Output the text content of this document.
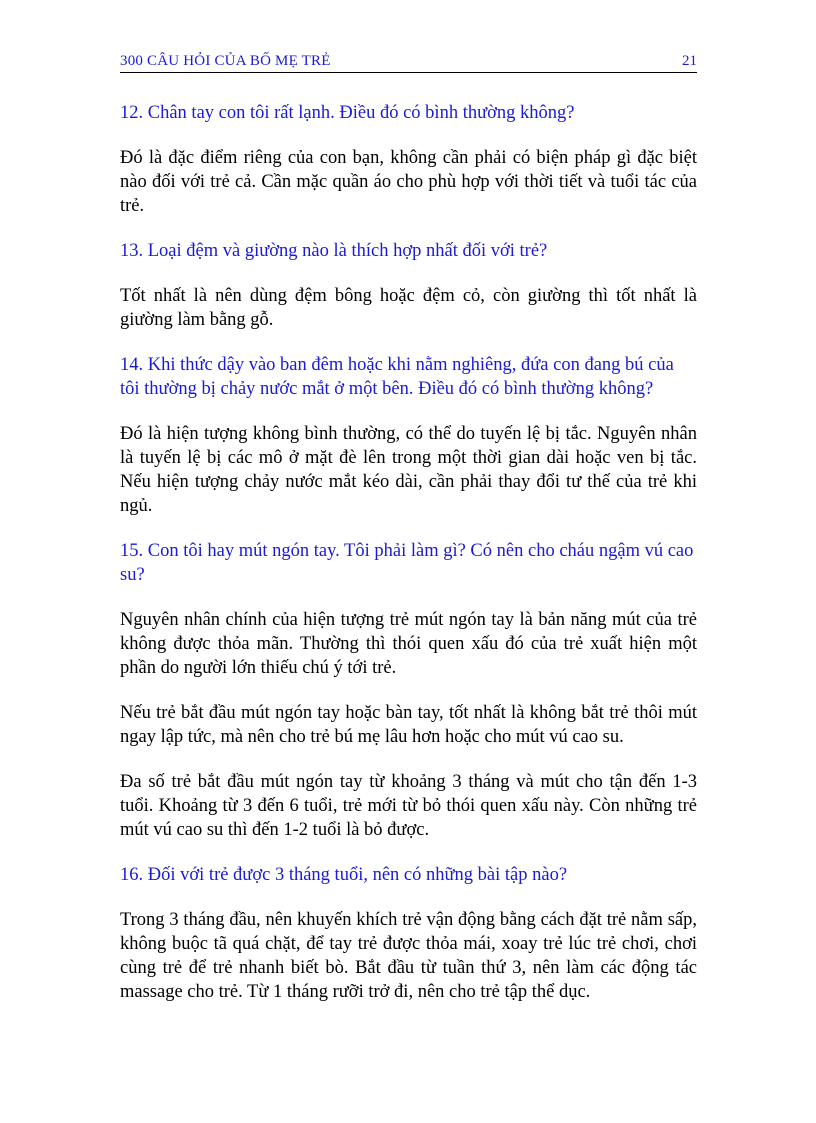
300 CÂU HỎI CỦA BỐ MẸ TRẺ	21
12. Chân tay con tôi rất lạnh. Điều đó có bình thường không?
Đó là đặc điểm riêng của con bạn, không cần phải có biện pháp gì đặc biệt nào đối với trẻ cả. Cần mặc quần áo cho phù hợp với thời tiết và tuổi tác của trẻ.
13. Loại đệm và giường nào là thích hợp nhất đối với trẻ?
Tốt nhất là nên dùng đệm bông hoặc đệm cỏ, còn giường thì tốt nhất là giường làm bằng gỗ.
14. Khi thức dậy vào ban đêm hoặc khi nằm nghiêng, đứa con đang bú của tôi thường bị chảy nước mắt ở một bên. Điều đó có bình thường không?
Đó là hiện tượng không bình thường, có thể do tuyến lệ bị tắc. Nguyên nhân là tuyến lệ bị các mô ở mặt đè lên trong một thời gian dài hoặc ven bị tắc. Nếu hiện tượng chảy nước mắt kéo dài, cần phải thay đổi tư thế của trẻ khi ngủ.
15. Con tôi hay mút ngón tay. Tôi phải làm gì? Có nên cho cháu ngậm vú cao su?
Nguyên nhân chính của hiện tượng trẻ mút ngón tay là bản năng mút của trẻ không được thỏa mãn. Thường thì thói quen xấu đó của trẻ xuất hiện một phần do người lớn thiếu chú ý tới trẻ.
Nếu trẻ bắt đầu mút ngón tay hoặc bàn tay, tốt nhất là không bắt trẻ thôi mút ngay lập tức, mà nên cho trẻ bú mẹ lâu hơn hoặc cho mút vú cao su.
Đa số trẻ bắt đầu mút ngón tay từ khoảng 3 tháng và mút cho tận đến 1-3 tuổi. Khoảng từ 3 đến 6 tuổi, trẻ mới từ bỏ thói quen xấu này. Còn những trẻ mút vú cao su thì đến 1-2 tuổi là bỏ được.
16. Đối với trẻ được 3 tháng tuổi, nên có những bài tập nào?
Trong 3 tháng đầu, nên khuyến khích trẻ vận động bằng cách đặt trẻ nằm sấp, không buộc tã quá chặt, để tay trẻ được thỏa mái, xoay trẻ lúc trẻ chơi, chơi cùng trẻ để trẻ nhanh biết bò. Bắt đầu từ tuần thứ 3, nên làm các động tác massage cho trẻ. Từ 1 tháng rưỡi trở đi, nên cho trẻ tập thể dục.
